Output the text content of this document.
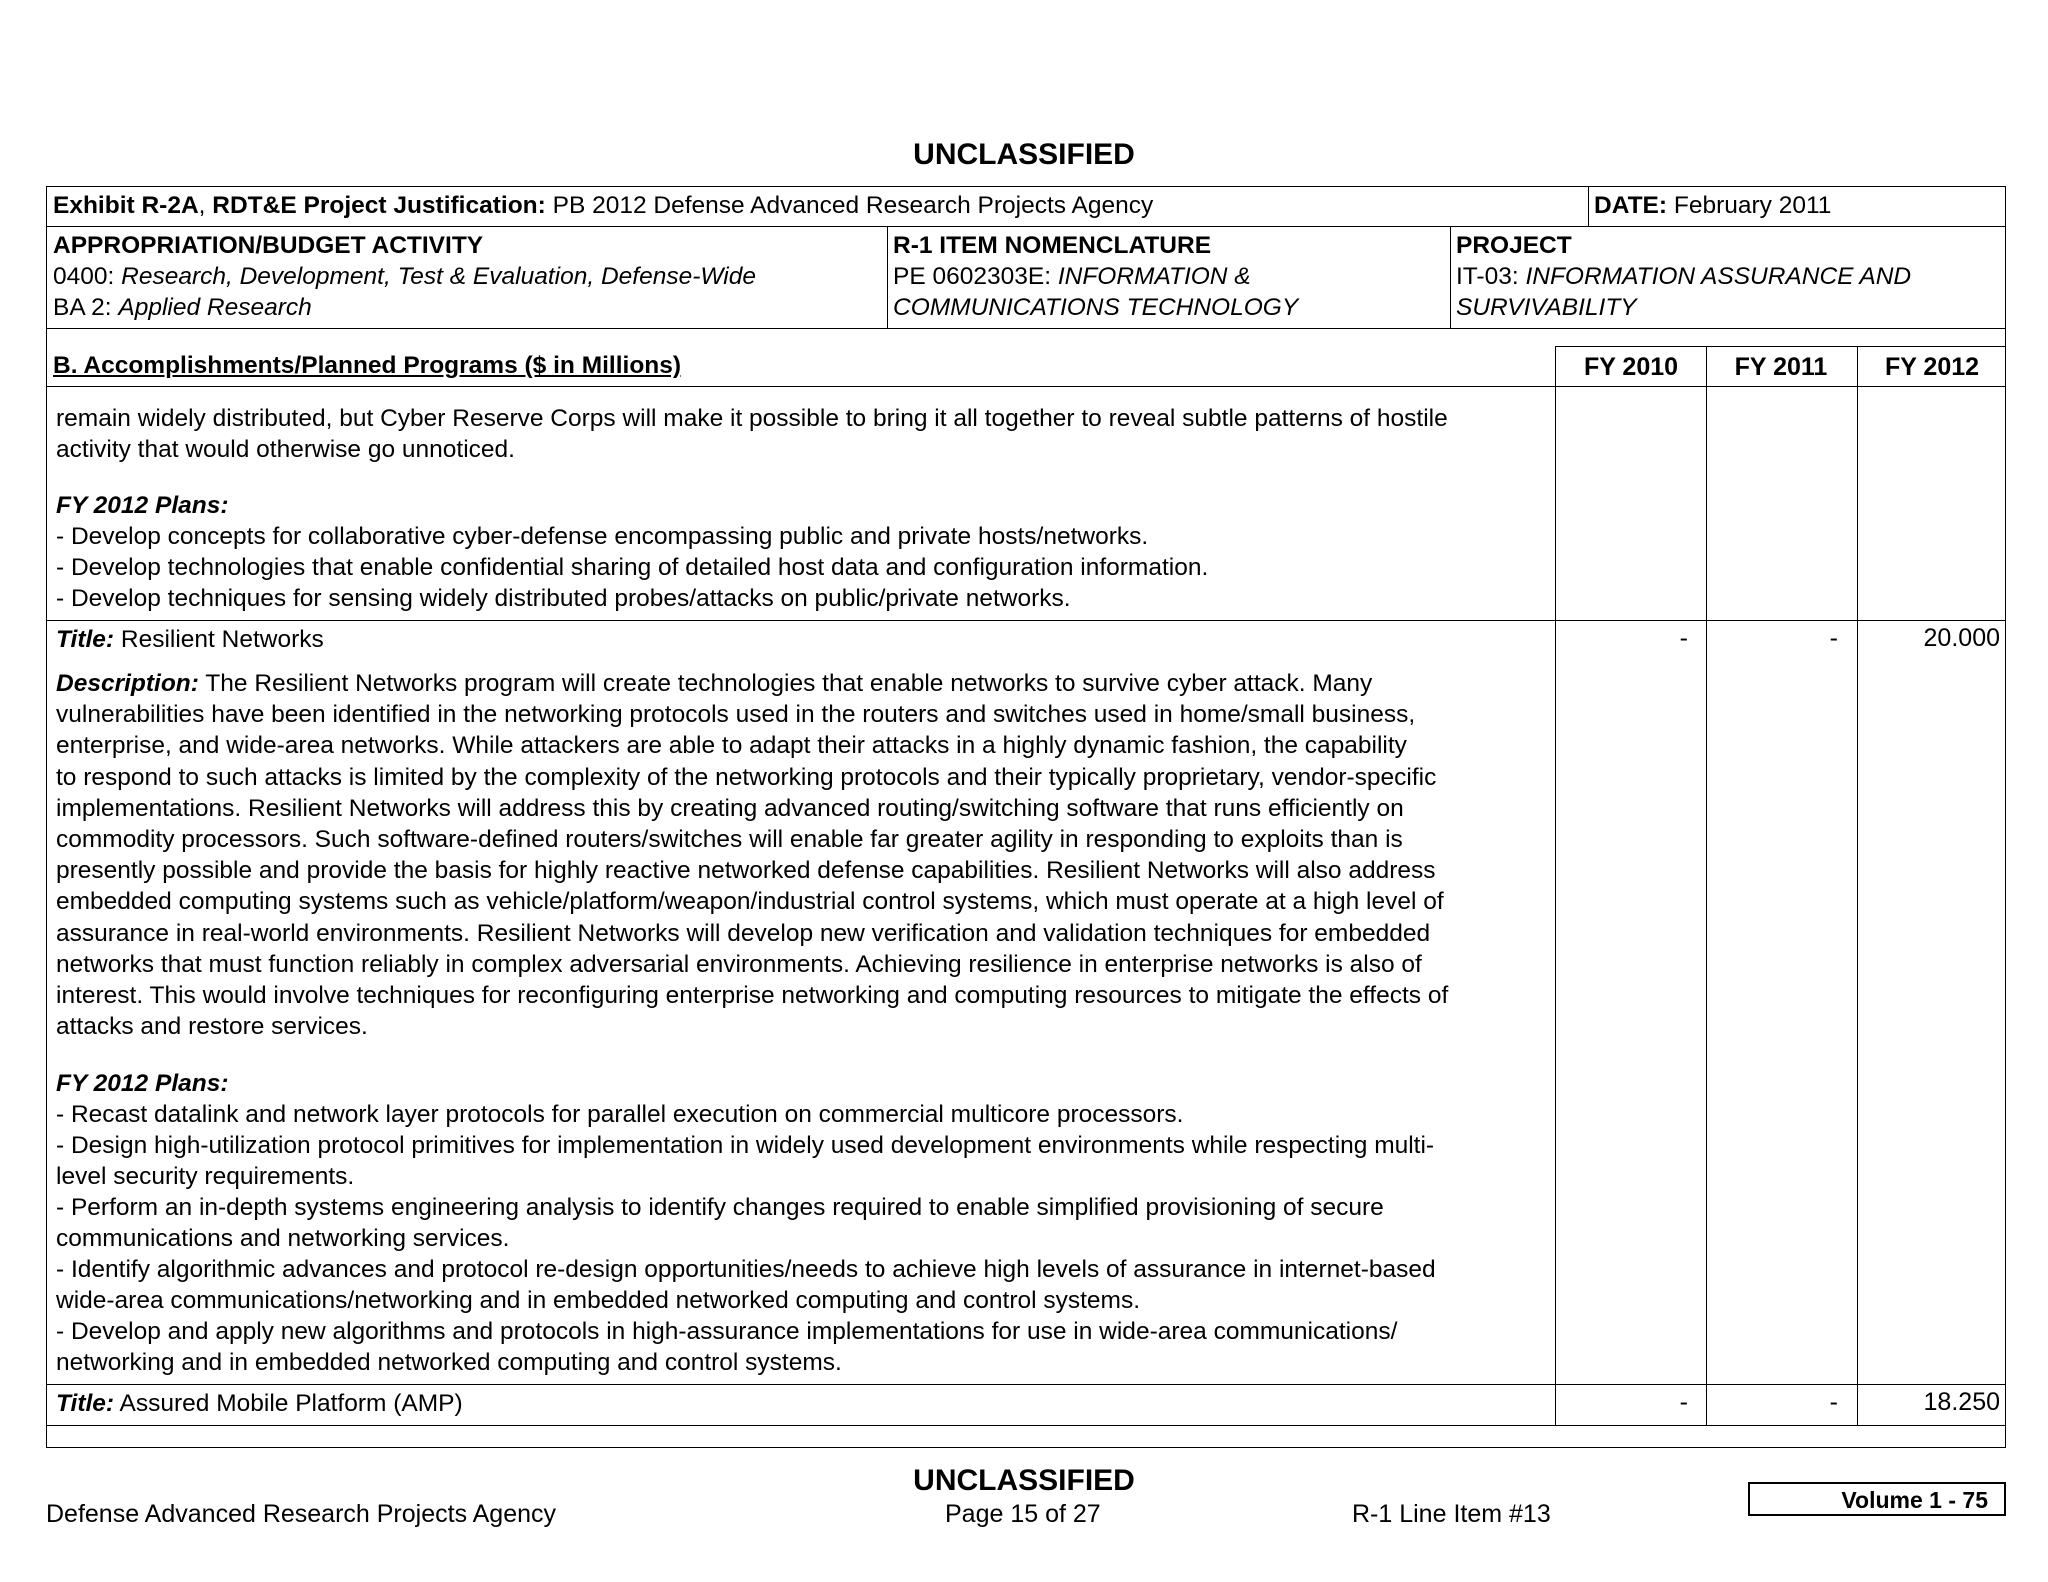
UNCLASSIFIED
Exhibit R-2A, RDT&E Project Justification: PB 2012 Defense Advanced Research Projects Agency	DATE: February 2011
APPROPRIATION/BUDGET ACTIVITY
0400: Research, Development, Test & Evaluation, Defense-Wide
BA 2: Applied Research
R-1 ITEM NOMENCLATURE
PE 0602303E: INFORMATION &
COMMUNICATIONS TECHNOLOGY
PROJECT
IT-03: INFORMATION ASSURANCE AND
SURVIVABILITY
B. Accomplishments/Planned Programs ($ in Millions)	FY 2010	FY 2011	FY 2012
remain widely distributed, but Cyber Reserve Corps will make it possible to bring it all together to reveal subtle patterns of hostile
activity that would otherwise go unnoticed.
FY 2012 Plans:
- Develop concepts for collaborative cyber-defense encompassing public and private hosts/networks.
- Develop technologies that enable confidential sharing of detailed host data and configuration information.
- Develop techniques for sensing widely distributed probes/attacks on public/private networks.
Title: Resilient Networks	-	-	20.000
Description: The Resilient Networks program will create technologies that enable networks to survive cyber attack. Many
vulnerabilities have been identified in the networking protocols used in the routers and switches used in home/small business,
enterprise, and wide-area networks. While attackers are able to adapt their attacks in a highly dynamic fashion, the capability
to respond to such attacks is limited by the complexity of the networking protocols and their typically proprietary, vendor-specific
implementations. Resilient Networks will address this by creating advanced routing/switching software that runs efficiently on
commodity processors. Such software-defined routers/switches will enable far greater agility in responding to exploits than is
presently possible and provide the basis for highly reactive networked defense capabilities. Resilient Networks will also address
embedded computing systems such as vehicle/platform/weapon/industrial control systems, which must operate at a high level of
assurance in real-world environments. Resilient Networks will develop new verification and validation techniques for embedded
networks that must function reliably in complex adversarial environments. Achieving resilience in enterprise networks is also of
interest. This would involve techniques for reconfiguring enterprise networking and computing resources to mitigate the effects of
attacks and restore services.
FY 2012 Plans:
- Recast datalink and network layer protocols for parallel execution on commercial multicore processors.
- Design high-utilization protocol primitives for implementation in widely used development environments while respecting multi-
level security requirements.
- Perform an in-depth systems engineering analysis to identify changes required to enable simplified provisioning of secure
communications and networking services.
- Identify algorithmic advances and protocol re-design opportunities/needs to achieve high levels of assurance in internet-based
wide-area communications/networking and in embedded networked computing and control systems.
- Develop and apply new algorithms and protocols in high-assurance implementations for use in wide-area communications/
networking and in embedded networked computing and control systems.
Title: Assured Mobile Platform (AMP)	-	-	18.250
UNCLASSIFIED
Defense Advanced Research Projects Agency	Page 15 of 27	R-1 Line Item #13	Volume 1 - 75
